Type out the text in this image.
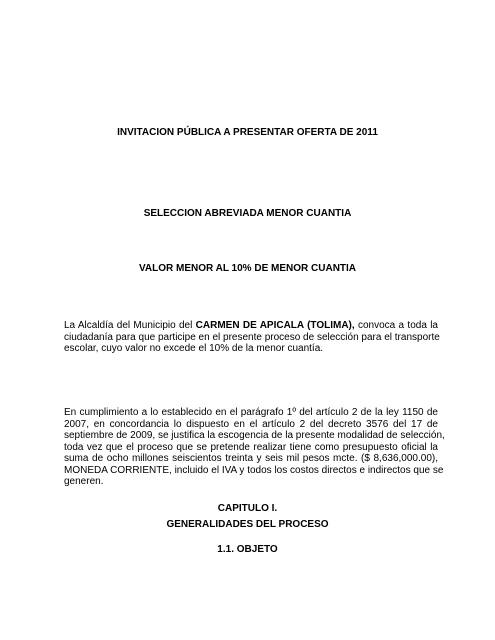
INVITACION PÚBLICA A PRESENTAR OFERTA DE 2011
SELECCION ABREVIADA MENOR CUANTIA
VALOR MENOR AL 10% DE MENOR CUANTIA

La Alcaldía del Municipio del CARMEN DE APICALA (TOLIMA), convoca a toda la
ciudadanía para que participe en el presente proceso de selección para el transporte
escolar, cuyo valor no excede el 10% de la menor cuantía.

En cumplimiento a lo establecido en el parágrafo 1º del artículo 2 de la ley 1150 de
2007, en concordancia lo dispuesto en el artículo 2 del decreto 3576 del 17 de
septiembre de 2009, se justifica la escogencia de la presente modalidad de selección,
toda vez que el proceso que se pretende realizar tiene como presupuesto oficial la
suma de ocho millones seiscientos treinta y seis mil pesos mcte. ($ 8,636,000.00),
MONEDA CORRIENTE, incluido el IVA y todos los costos directos e indirectos que se
generen.

CAPITULO I.
GENERALIDADES DEL PROCESO
1.1. OBJETO
